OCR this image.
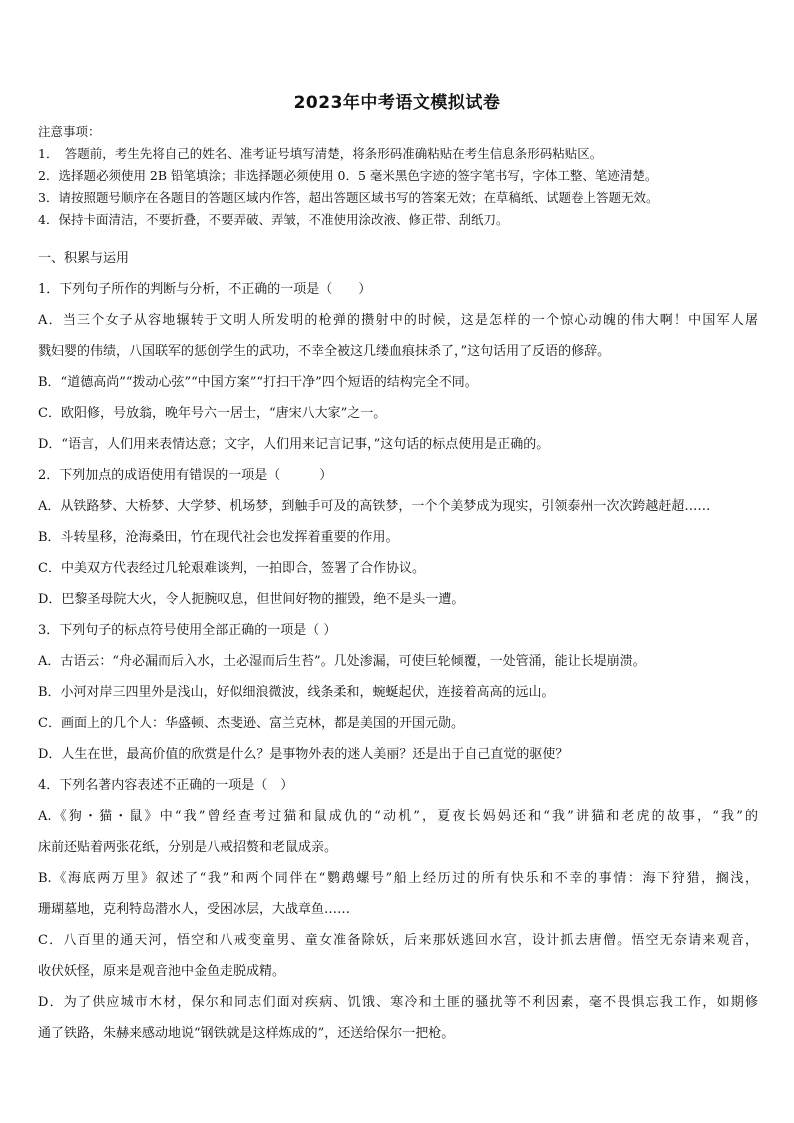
2023年中考语文模拟试卷
注意事项：
1．　答题前，考生先将自己的姓名、准考证号填写清楚，将条形码准确粘贴在考生信息条形码粘贴区。
2．选择题必须使用 2B 铅笔填涂；非选择题必须使用 0．5 毫米黑色字迹的签字笔书写，字体工整、笔迹清楚。
3．请按照题号顺序在各题目的答题区域内作答，超出答题区域书写的答案无效；在草稿纸、试题卷上答题无效。
4．保持卡面清洁，不要折叠，不要弄破、弄皱，不准使用涂改液、修正带、刮纸刀。
一、积累与运用
1．下列句子所作的判断与分析，不正确的一项是（　　）
A．当三个女子从容地辗转于文明人所发明的枪弹的攒射中的时候，这是怎样的一个惊心动魄的伟大啊！中国军人屠
戮妇婴的伟绩，八国联军的惩创学生的武功，不幸全被这几缕血痕抹杀了，”这句话用了反语的修辞。
B．“道德高尚”“拨动心弦”“中国方案”“打扫干净”四个短语的结构完全不同。
C．欧阳修，号放翁，晚年号六一居士，“唐宋八大家”之一。
D．“语言，人们用来表情达意；文字，人们用来记言记事，”这句话的标点使用是正确的。
2．下列加点的成语使用有错误的一项是（　　　）
A．从铁路梦、大桥梦、大学梦、机场梦，到触手可及的高铁梦，一个个美梦成为现实，引领泰州一次次跨越赶超……
B．斗转星移，沧海桑田，竹在现代社会也发挥着重要的作用。
C．中美双方代表经过几轮艰难谈判，一拍即合，签署了合作协议。
D．巴黎圣母院大火，令人扼腕叹息，但世间好物的摧毁，绝不是头一遭。
3．下列句子的标点符号使用全部正确的一项是（ ）
A．古语云：“舟必漏而后入水，土必湿而后生苔”。几处渗漏，可使巨轮倾覆，一处管涌，能让长堤崩溃。
B．小河对岸三四里外是浅山，好似细浪微波，线条柔和，蜿蜒起伏，连接着高高的远山。
C．画面上的几个人：华盛顿、杰斐逊、富兰克林，都是美国的开国元勋。
D．人生在世，最高价值的欣赏是什么？是事物外表的迷人美丽？还是出于自己直觉的驱使？
4．下列名著内容表述不正确的一项是（　）
A.《狗・猫・鼠》中“我”曾经查考过猫和鼠成仇的“动机”，夏夜长妈妈还和“我”讲猫和老虎的故事，“我”的
床前还贴着两张花纸，分别是八戒招赘和老鼠成亲。
B.《海底两万里》叙述了“我”和两个同伴在“鹦鹉螺号”船上经历过的所有快乐和不幸的事情：海下狩猎，搁浅，
珊瑚墓地，克利特岛潜水人，受困冰层，大战章鱼……
C．八百里的通天河，悟空和八戒变童男、童女准备除妖，后来那妖逃回水宫，设计抓去唐僧。悟空无奈请来观音，
收伏妖怪，原来是观音池中金鱼走脱成精。
D．为了供应城市木材，保尔和同志们面对疾病、饥饿、寒冷和土匪的骚扰等不利因素，毫不畏惧忘我工作，如期修
通了铁路，朱赫来感动地说“钢铁就是这样炼成的”，还送给保尔一把枪。
